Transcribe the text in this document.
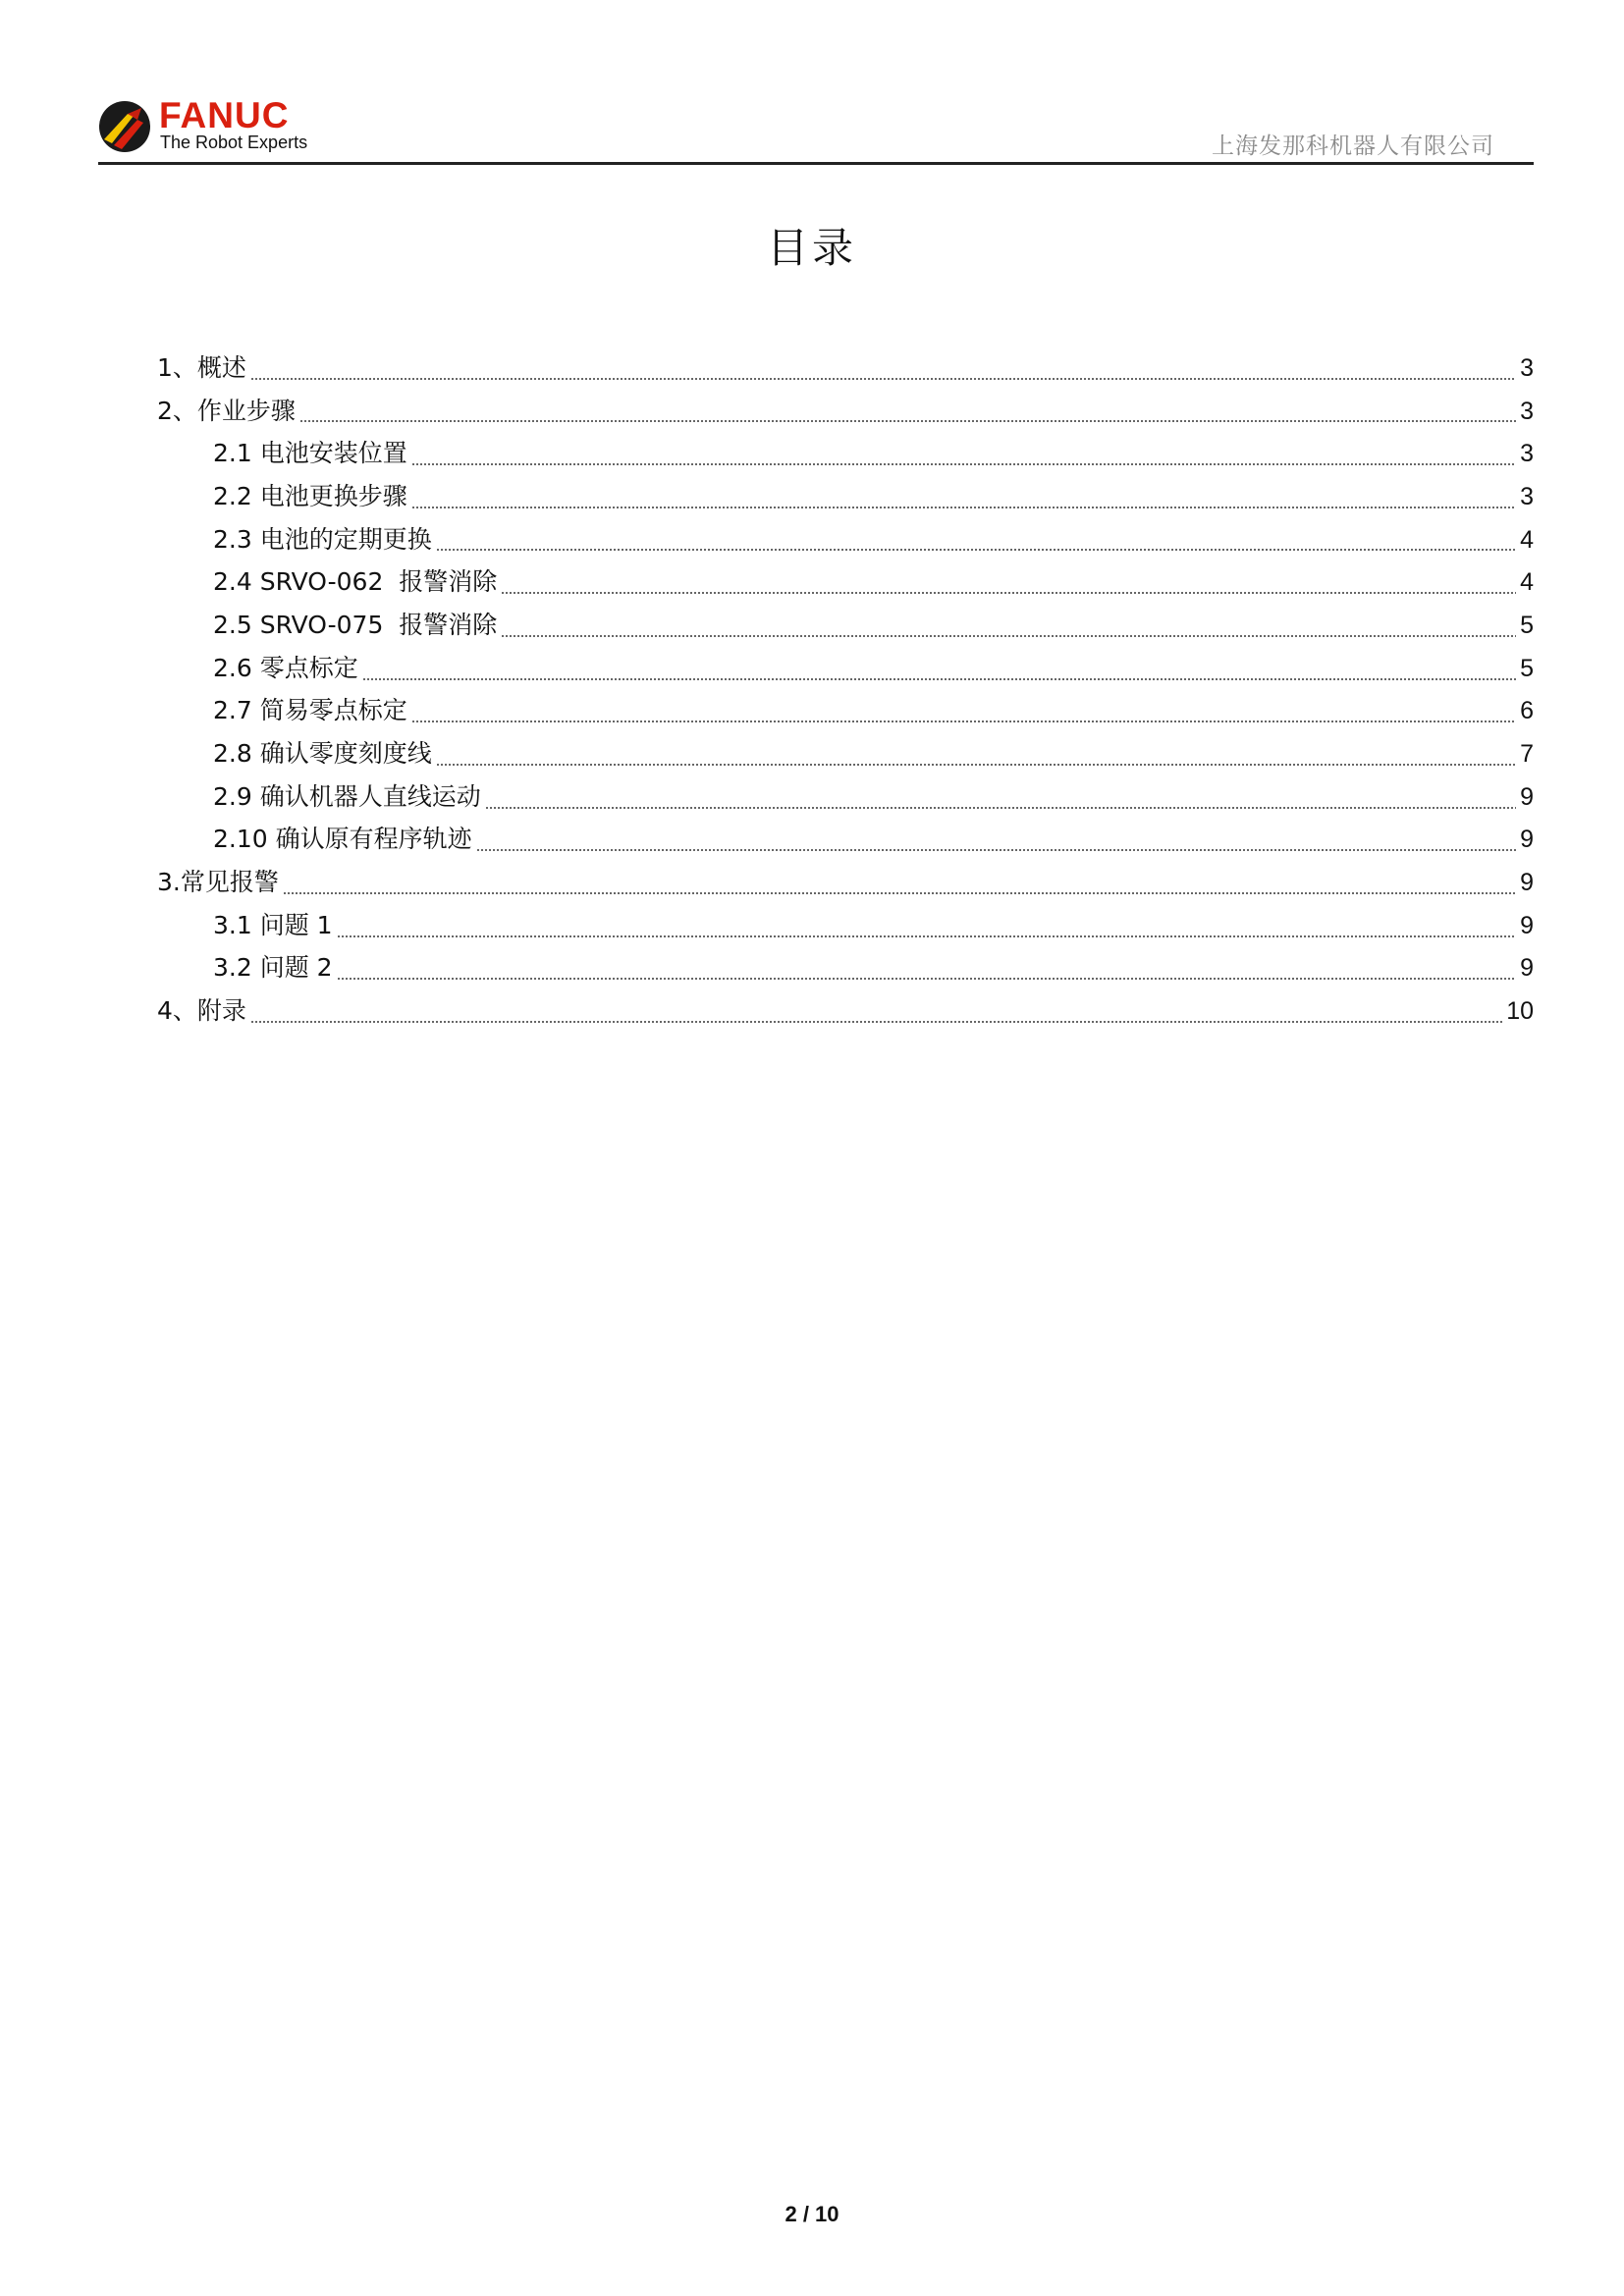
FANUC
The Robot Experts	上海发那科机器人有限公司
目录
1、概述	3
2、作业步骤	3
2.1 电池安装位置	3
2.2 电池更换步骤	3
2.3 电池的定期更换	4
2.4 SRVO-062  报警消除	4
2.5 SRVO-075  报警消除	5
2.6 零点标定	5
2.7 简易零点标定	6
2.8 确认零度刻度线	7
2.9 确认机器人直线运动	9
2.10 确认原有程序轨迹	9
3.常见报警	9
3.1 问题 1	9
3.2 问题 2	9
4、附录	10
2 / 10
